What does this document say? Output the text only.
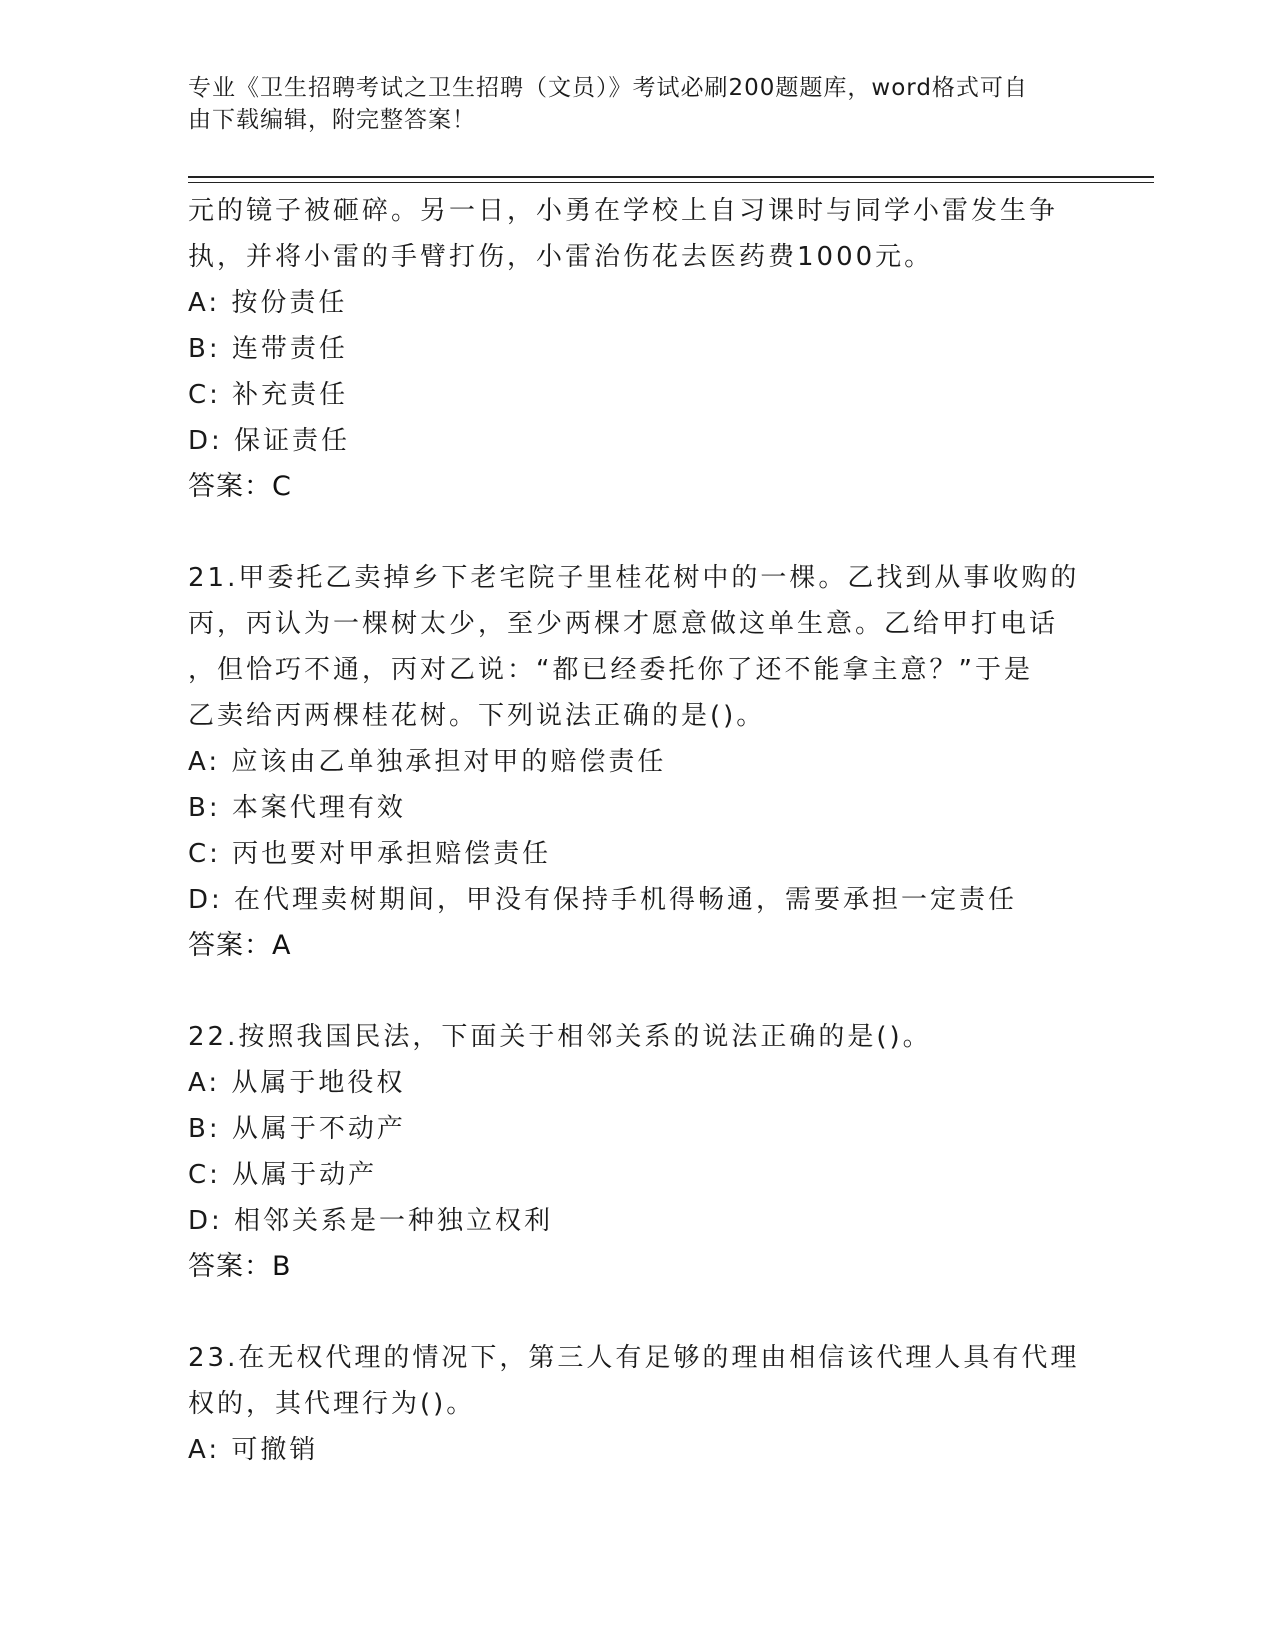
专业《卫生招聘考试之卫生招聘（文员）》考试必刷200题题库，word格式可自
由下载编辑，附完整答案！
元的镜子被砸碎。另一日，小勇在学校上自习课时与同学小雷发生争
执，并将小雷的手臂打伤，小雷治伤花去医药费1000元。
A: 按份责任
B: 连带责任
C: 补充责任
D: 保证责任
答案：C
21.甲委托乙卖掉乡下老宅院子里桂花树中的一棵。乙找到从事收购的
丙，丙认为一棵树太少，至少两棵才愿意做这单生意。乙给甲打电话
，但恰巧不通，丙对乙说：“都已经委托你了还不能拿主意？”于是
乙卖给丙两棵桂花树。下列说法正确的是()。
A: 应该由乙单独承担对甲的赔偿责任
B: 本案代理有效
C: 丙也要对甲承担赔偿责任
D: 在代理卖树期间，甲没有保持手机得畅通，需要承担一定责任
答案：A
22.按照我国民法，下面关于相邻关系的说法正确的是()。
A: 从属于地役权
B: 从属于不动产
C: 从属于动产
D: 相邻关系是一种独立权利
答案：B
23.在无权代理的情况下，第三人有足够的理由相信该代理人具有代理
权的，其代理行为()。
A: 可撤销
